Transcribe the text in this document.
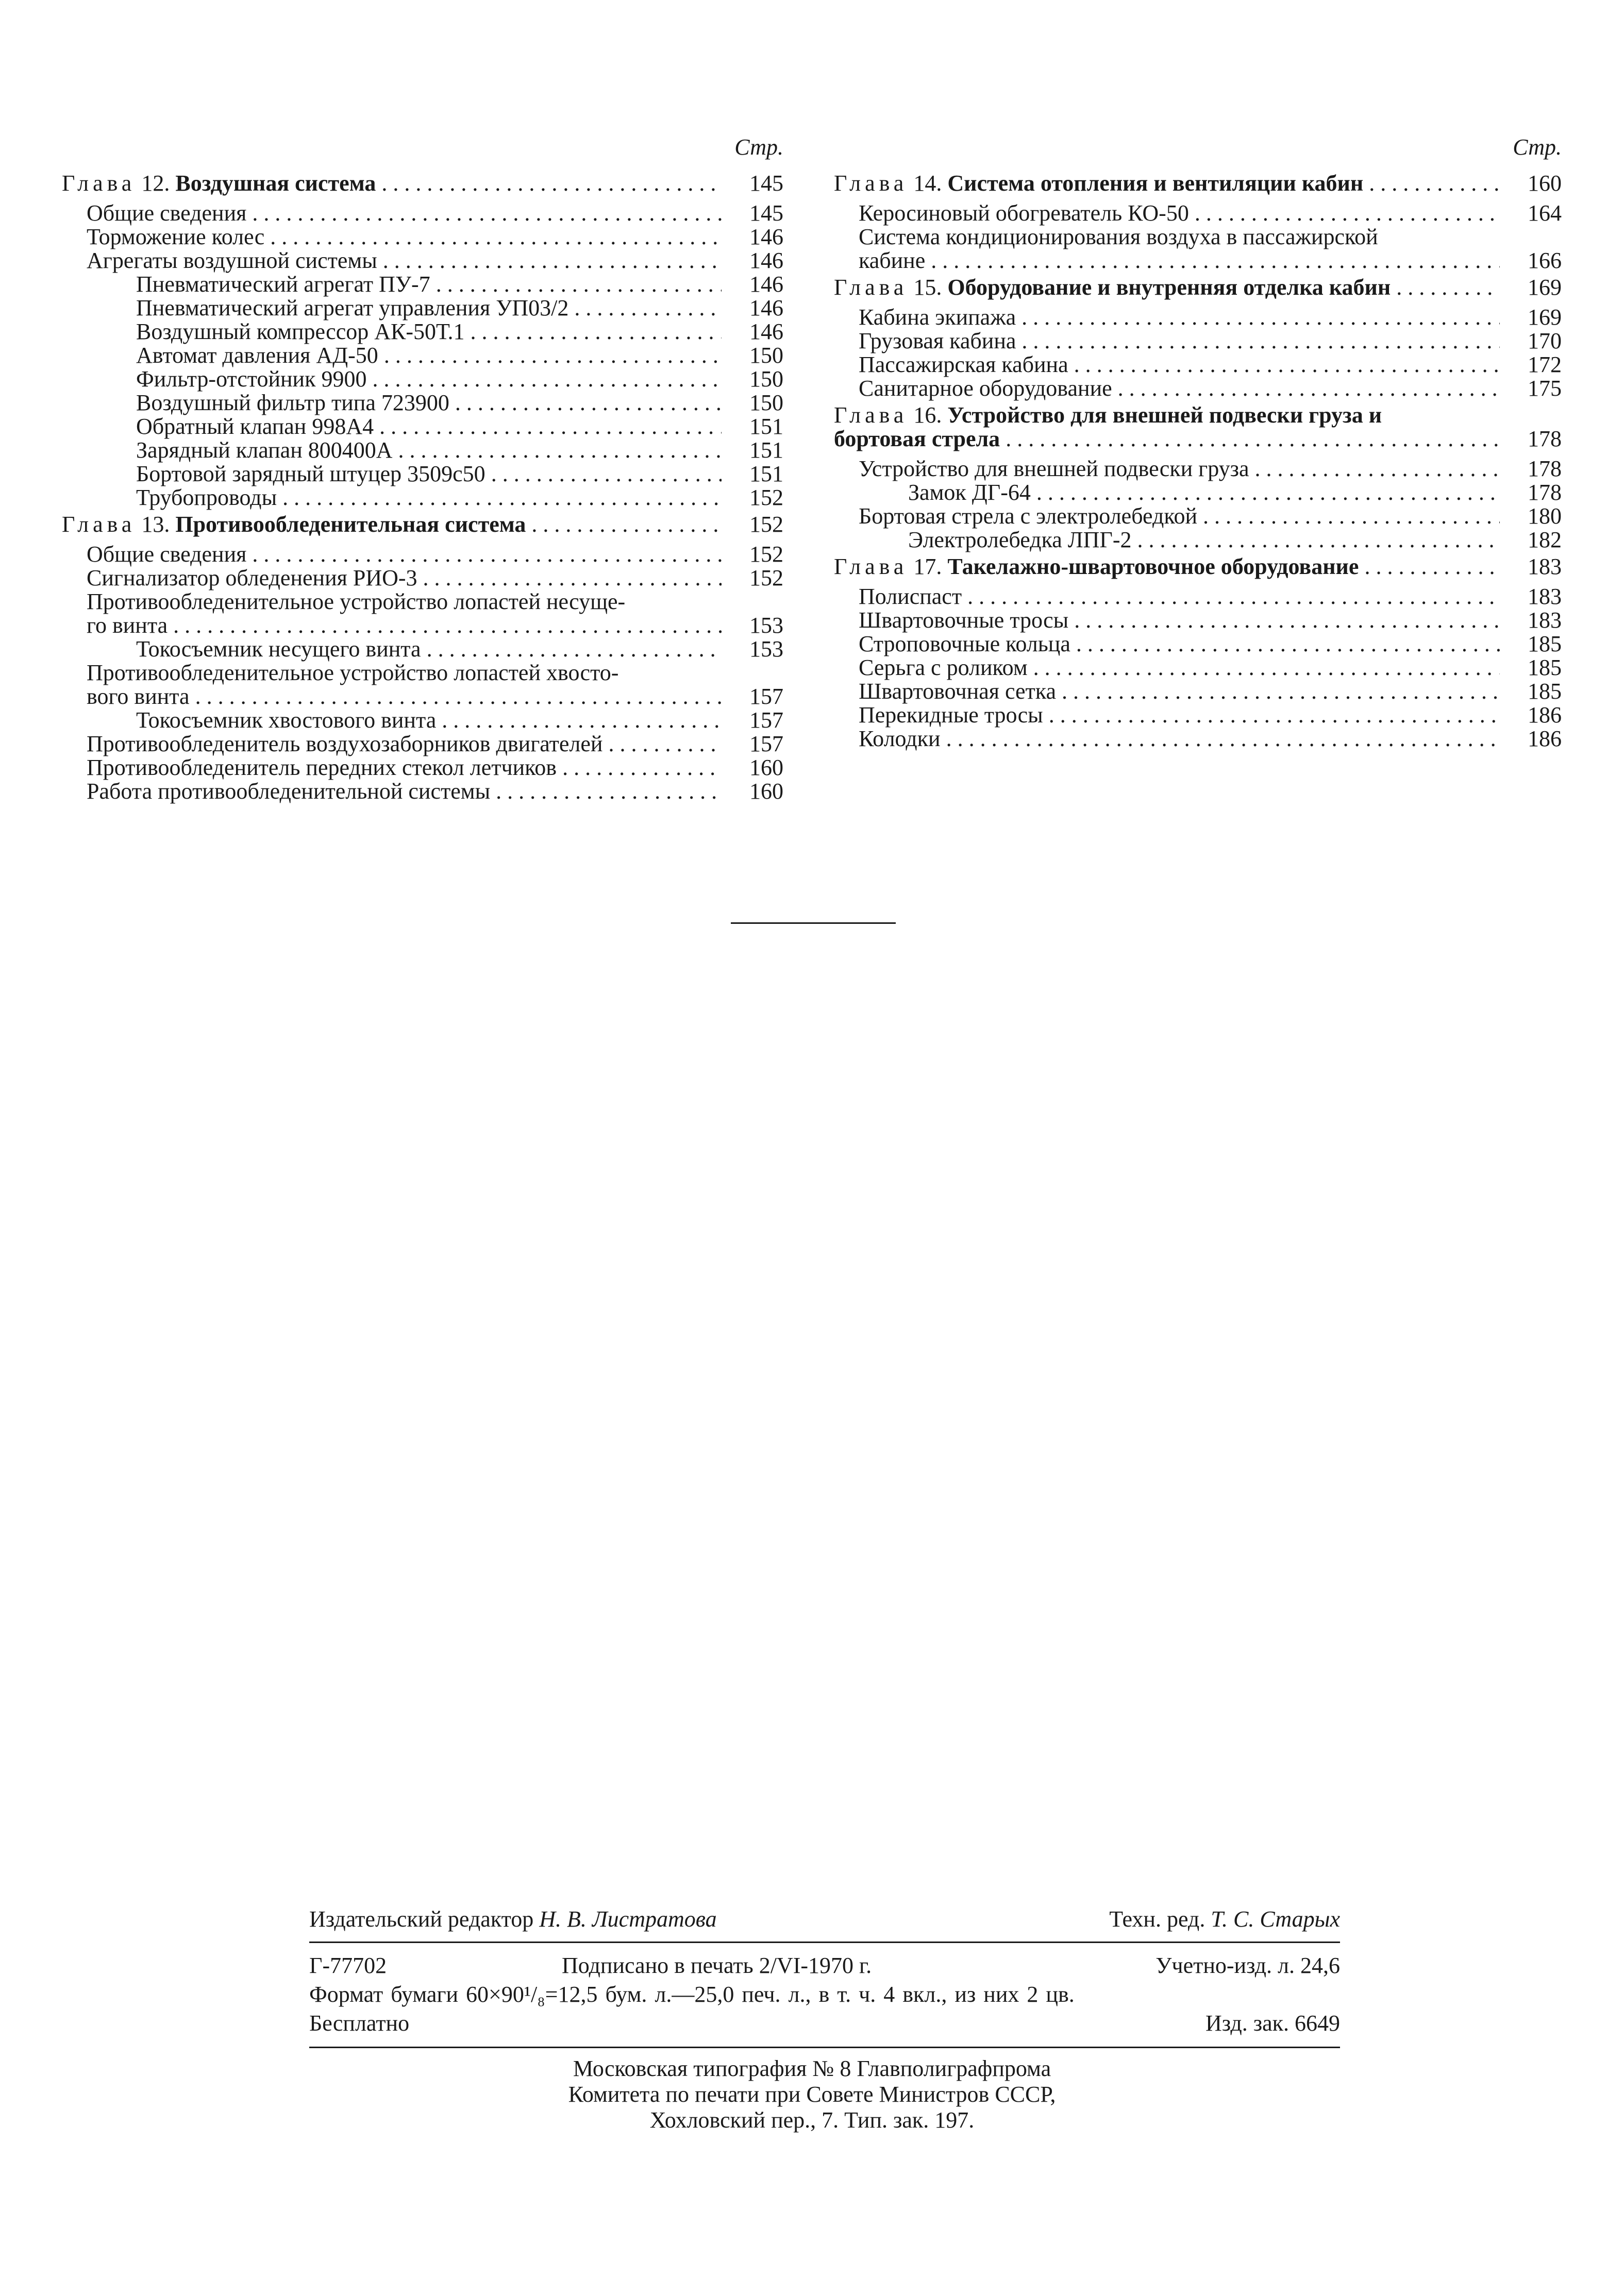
Стр.
Глава 12. Воздушная система . . .	145
Общие сведения . . .	145
Торможение колес . . .	146
Агрегаты воздушной системы . . .	146
Пневматический агрегат ПУ-7 . . .	146
Пневматический агрегат управления УП03/2 . . .	146
Воздушный компрессор АК-50Т.1 . . .	146
Автомат давления АД-50 . . .	150
Фильтр-отстойник 9900 . . .	150
Воздушный фильтр типа 723900 . . .	150
Обратный клапан 998А4 . . .	151
Зарядный клапан 800400А . . .	151
Бортовой зарядный штуцер 3509с50 . . .	151
Трубопроводы . . .	152
Глава 13. Противообледенительная система . . .	152
Общие сведения . . .	152
Сигнализатор обледенения РИО-3 . . .	152
Противообледенительное устройство лопастей несуще-
го винта . . .	153
Токосъемник несущего винта . . .	153
Противообледенительное устройство лопастей хвосто-
вого винта . . .	157
Токосъемник хвостового винта . . .	157
Противообледенитель воздухозаборников двигателей . . .	157
Противообледенитель передних стекол летчиков . . .	160
Работа противообледенительной системы . . .	160
Стр.
Глава 14. Система отопления и вентиляции кабин . . .	160
Керосиновый обогреватель КО-50 . . .	164
Система кондиционирования воздуха в пассажирской
кабине . . .	166
Глава 15. Оборудование и внутренняя отделка кабин . . .	169
Кабина экипажа . . .	169
Грузовая кабина . . .	170
Пассажирская кабина . . .	172
Санитарное оборудование . . .	175
Глава 16. Устройство для внешней подвески груза и
бортовая стрела . . .	178
Устройство для внешней подвески груза . . .	178
Замок ДГ-64 . . .	178
Бортовая стрела с электролебедкой . . .	180
Электролебедка ЛПГ-2 . . .	182
Глава 17. Такелажно-швартовочное оборудование . . .	183
Полиспаст . . .	183
Швартовочные тросы . . .	183
Строповочные кольца . . .	185
Серьга с роликом . . .	185
Швартовочная сетка . . .	185
Перекидные тросы . . .	186
Колодки . . .	186
Издательский редактор Н. В. Листратова	Техн. ред. Т. С. Старых
Г-77702	Подписано в печать 2/VI-1970 г.	Учетно-изд. л. 24,6
Формат бумаги 60×90¹/₈=12,5 бум. л.—25,0 печ. л., в т. ч. 4 вкл., из них 2 цв.
Бесплатно	Изд. зак. 6649
Московская типография № 8 Главполиграфпрома
Комитета по печати при Совете Министров СССР,
Хохловский пер., 7. Тип. зак. 197.
